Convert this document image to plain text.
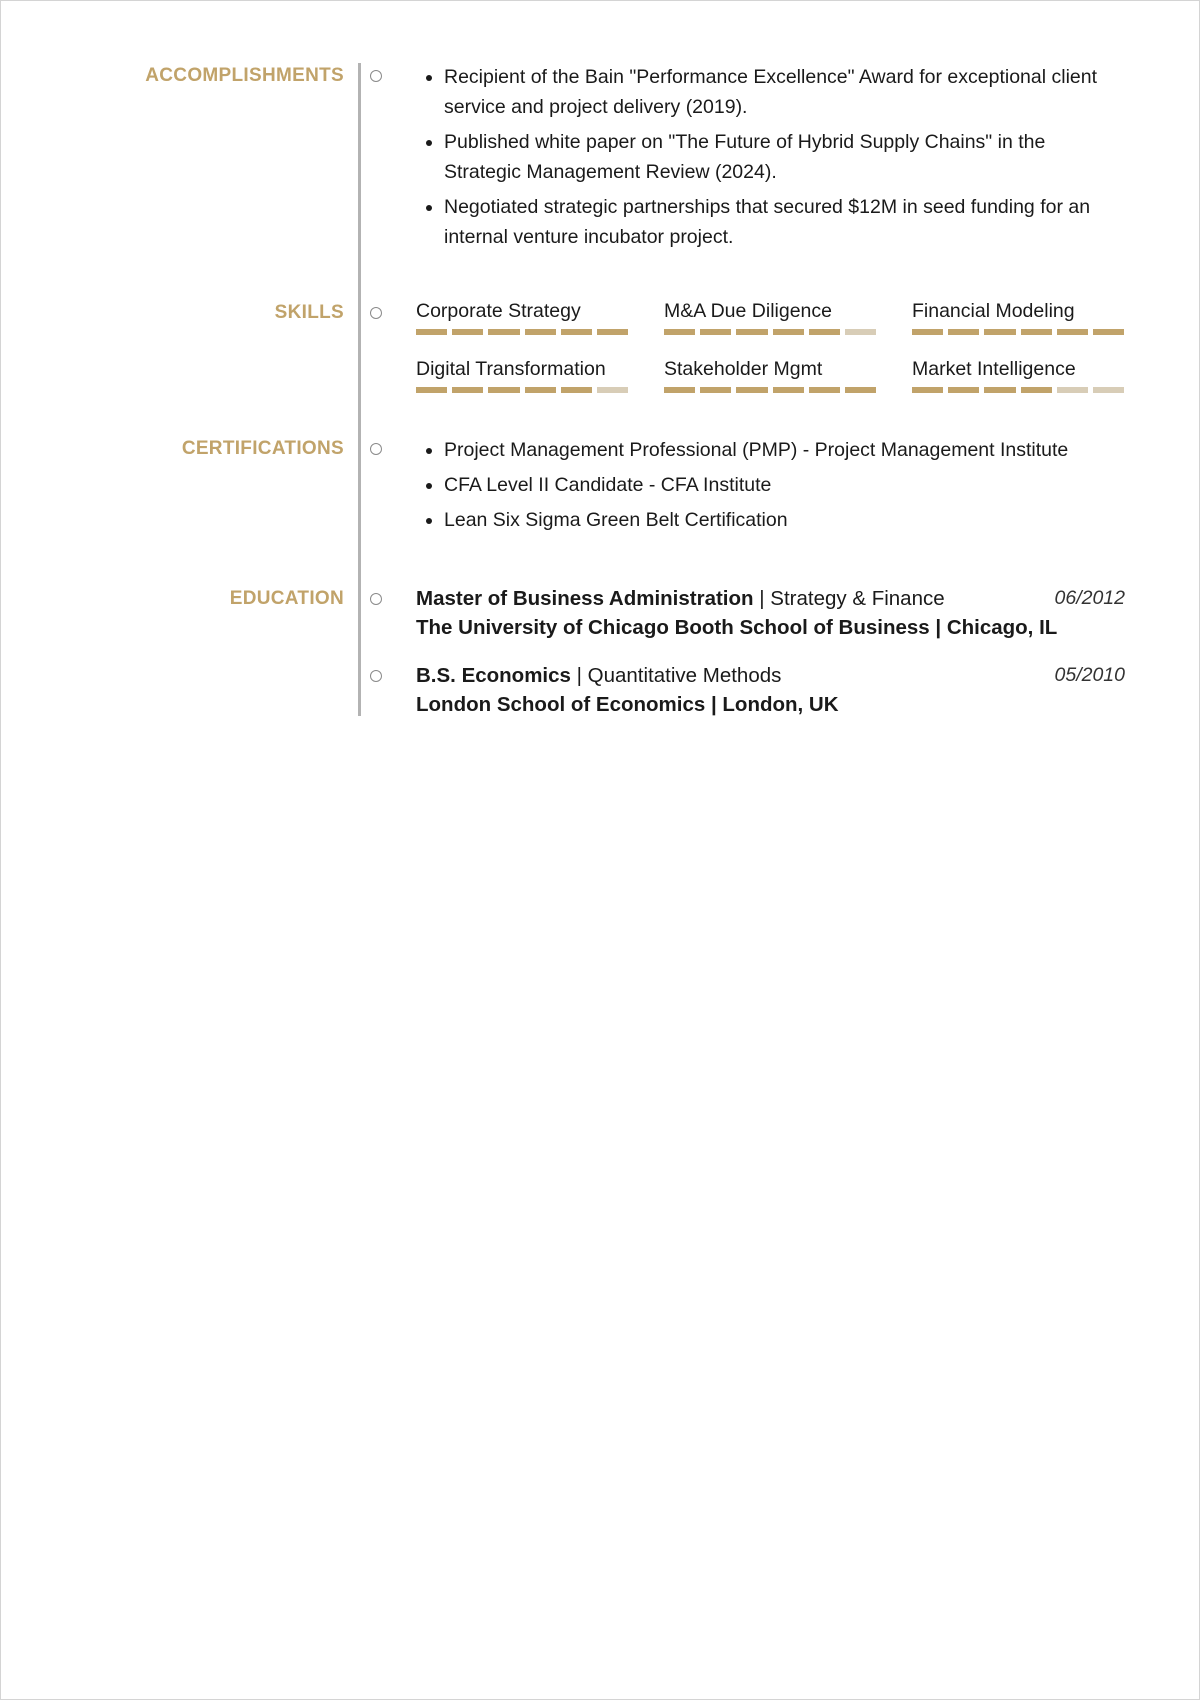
ACCOMPLISHMENTS	• Recipient of the Bain "Performance Excellence" Award for exceptional client service and project delivery (2019).
• Published white paper on "The Future of Hybrid Supply Chains" in the Strategic Management Review (2024).
• Negotiated strategic partnerships that secured $12M in seed funding for an internal venture incubator project.
SKILLS	Corporate Strategy	M&A Due Diligence	Financial Modeling
Digital Transformation	Stakeholder Mgmt	Market Intelligence
CERTIFICATIONS	• Project Management Professional (PMP) - Project Management Institute
• CFA Level II Candidate - CFA Institute
• Lean Six Sigma Green Belt Certification
EDUCATION	Master of Business Administration | Strategy & Finance	06/2012
The University of Chicago Booth School of Business | Chicago, IL
B.S. Economics | Quantitative Methods	05/2010
London School of Economics | London, UK
